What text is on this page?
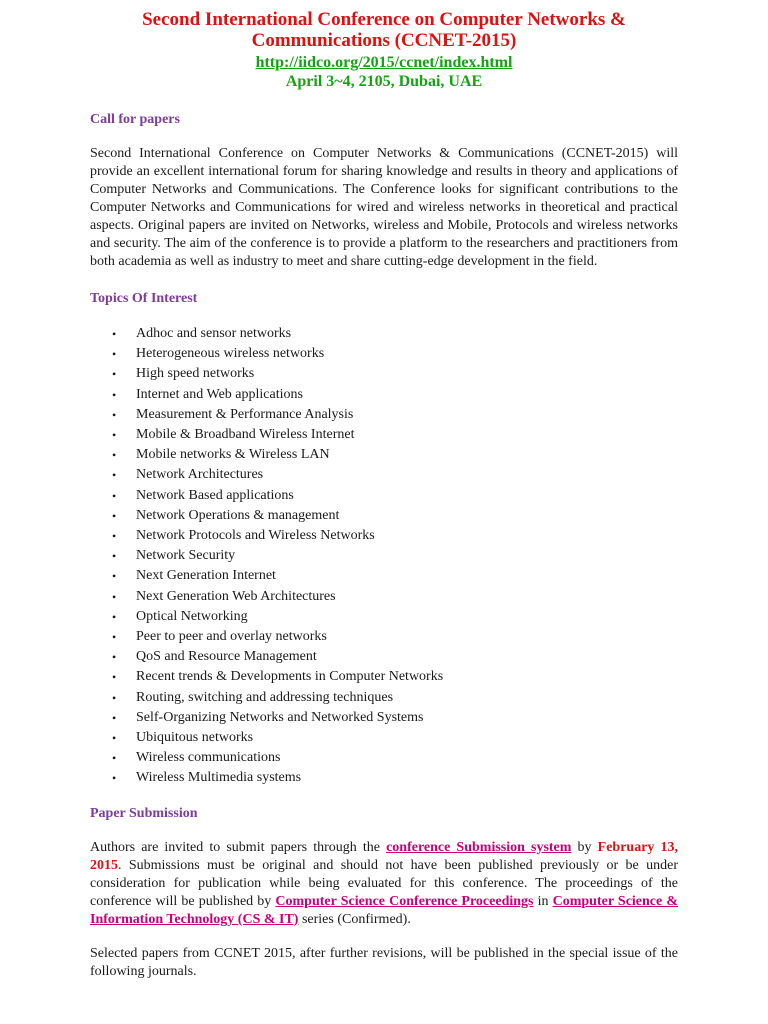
Second International Conference on Computer Networks &
Communications (CCNET-2015)
http://iidco.org/2015/ccnet/index.html
April 3~4, 2105, Dubai, UAE
Call for papers

Second International Conference on Computer Networks & Communications (CCNET-2015) will provide an excellent international forum for sharing knowledge and results in theory and applications of Computer Networks and Communications. The Conference looks for significant contributions to the Computer Networks and Communications for wired and wireless networks in theoretical and practical aspects. Original papers are invited on Networks, wireless and Mobile, Protocols and wireless networks and security. The aim of the conference is to provide a platform to the researchers and practitioners from both academia as well as industry to meet and share cutting-edge development in the field.

Topics Of Interest
• Adhoc and sensor networks
• Heterogeneous wireless networks
• High speed networks
• Internet and Web applications
• Measurement & Performance Analysis
• Mobile & Broadband Wireless Internet
• Mobile networks & Wireless LAN
• Network Architectures
• Network Based applications
• Network Operations & management
• Network Protocols and Wireless Networks
• Network Security
• Next Generation Internet
• Next Generation Web Architectures
• Optical Networking
• Peer to peer and overlay networks
• QoS and Resource Management
• Recent trends & Developments in Computer Networks
• Routing, switching and addressing techniques
• Self-Organizing Networks and Networked Systems
• Ubiquitous networks
• Wireless communications
• Wireless Multimedia systems
Paper Submission

Authors are invited to submit papers through the conference Submission system by February 13, 2015. Submissions must be original and should not have been published previously or be under consideration for publication while being evaluated for this conference. The proceedings of the conference will be published by Computer Science Conference Proceedings in Computer Science & Information Technology (CS & IT) series (Confirmed).

Selected papers from CCNET 2015, after further revisions, will be published in the special issue of the following journals.
